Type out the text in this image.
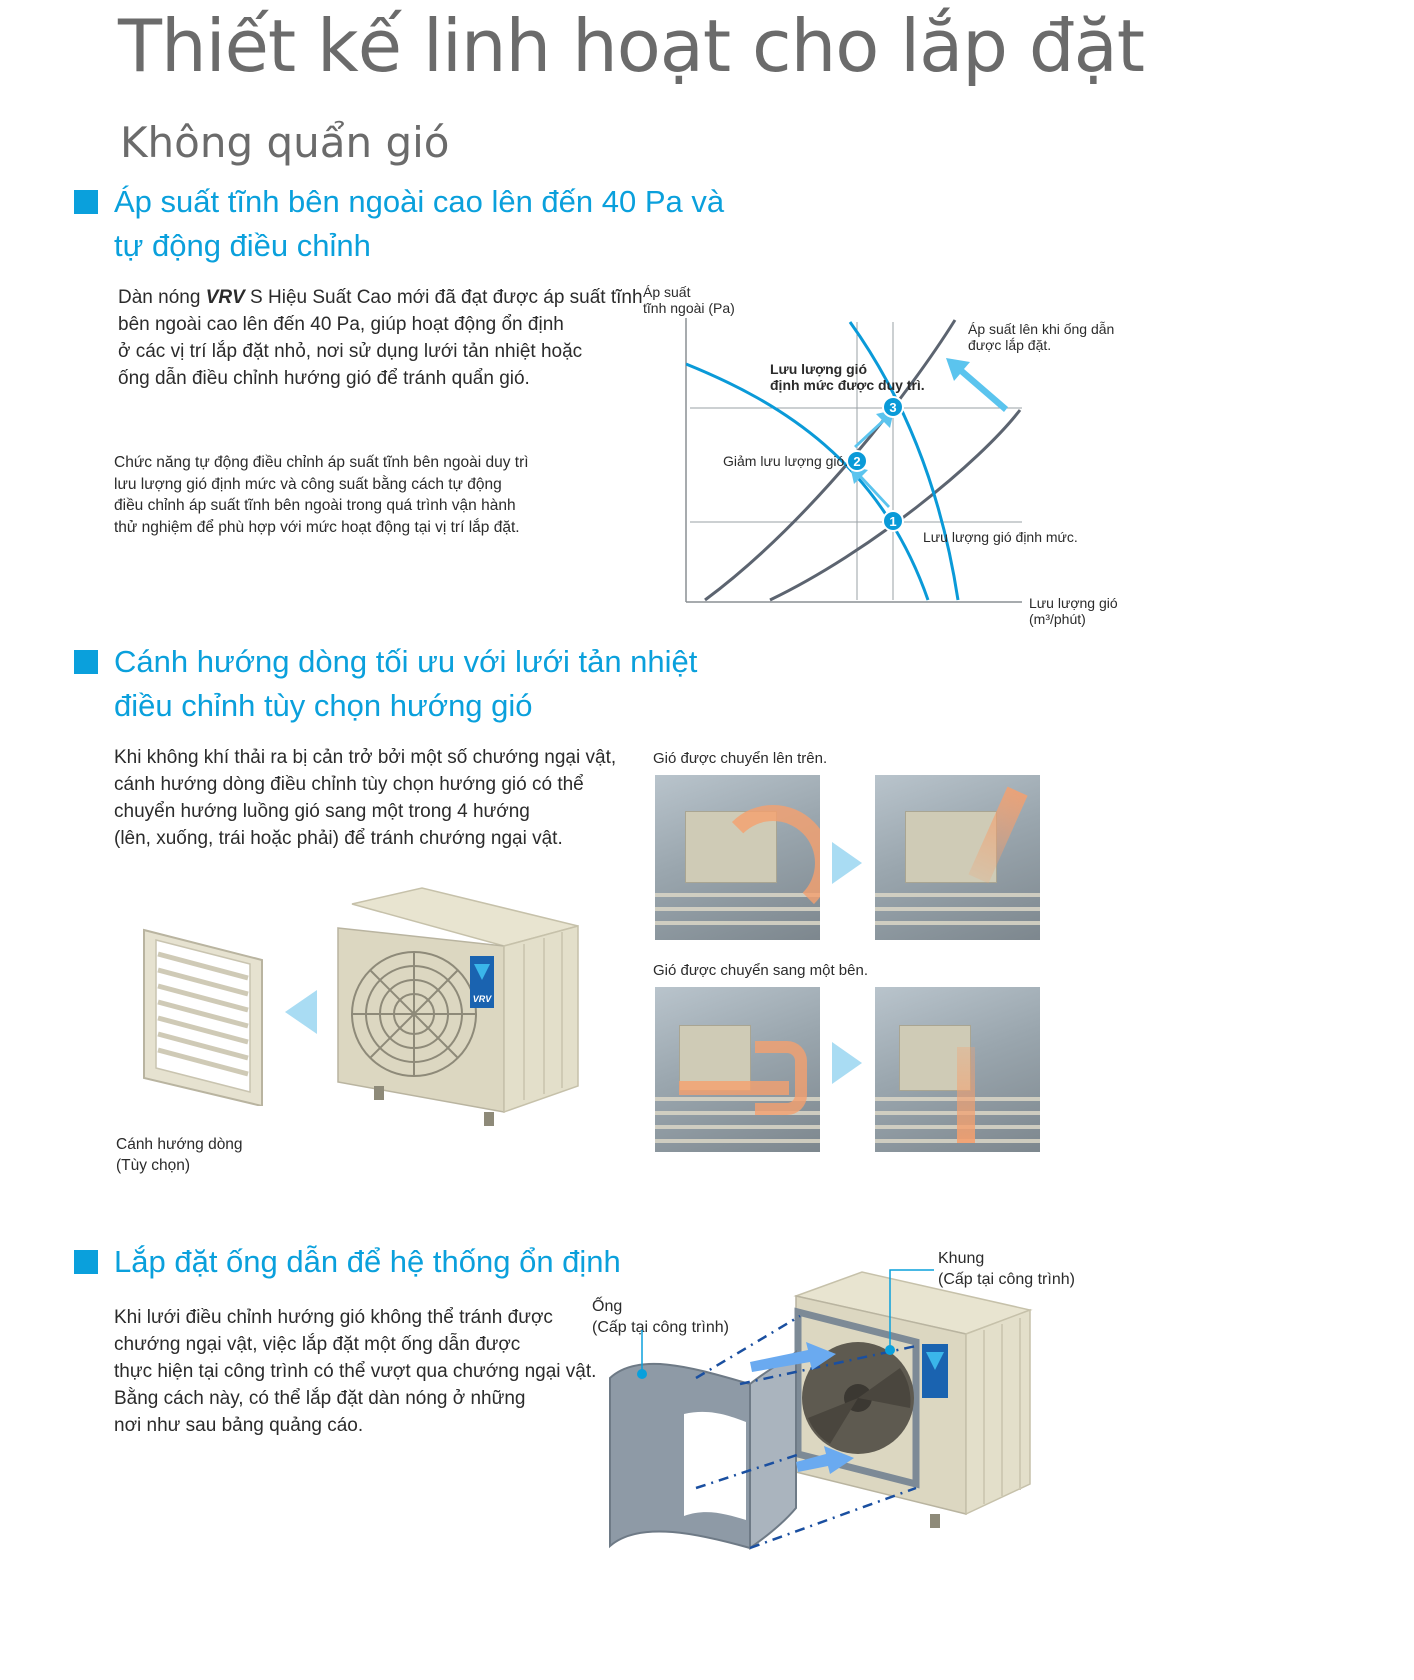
Thiết kế linh hoạt cho lắp đặt
Không quẩn gió
Áp suất tĩnh bên ngoài cao lên đến 40 Pa và
tự động điều chỉnh
Dàn nóng VRV S Hiệu Suất Cao mới đã đạt được áp suất tĩnh
bên ngoài cao lên đến 40 Pa, giúp hoạt động ổn định
ở các vị trí lắp đặt nhỏ, nơi sử dụng lưới tản nhiệt hoặc
ống dẫn điều chỉnh hướng gió để tránh quẩn gió.
Chức năng tự động điều chỉnh áp suất tĩnh bên ngoài duy trì
lưu lượng gió định mức và công suất bằng cách tự động
điều chỉnh áp suất tĩnh bên ngoài trong quá trình vận hành
thử nghiệm để phù hợp với mức hoạt động tại vị trí lắp đặt.	1
2
3
Áp suất
tĩnh ngoài (Pa)
Áp suất lên khi ống dẫn
được lắp đặt.
Lưu lượng gió
định mức được duy trì.
Giảm lưu lượng gió.
Lưu lượng gió định mức.
Lưu lượng gió
(m³/phút)
Cánh hướng dòng tối ưu với lưới tản nhiệt
điều chỉnh tùy chọn hướng gió
Khi không khí thải ra bị cản trở bởi một số chướng ngại vật,
cánh hướng dòng điều chỉnh tùy chọn hướng gió có thể
chuyển hướng luồng gió sang một trong 4 hướng
(lên, xuống, trái hoặc phải) để tránh chướng ngại vật.
VRV
Cánh hướng dòng
(Tùy chọn)
Gió được chuyển lên trên.
Gió được chuyển sang một bên.
Lắp đặt ống dẫn để hệ thống ổn định
Khi lưới điều chỉnh hướng gió không thể tránh được
chướng ngại vật, việc lắp đặt một ống dẫn được
thực hiện tại công trình có thể vượt qua chướng ngại vật.
Bằng cách này, có thể lắp đặt dàn nóng ở những
nơi như sau bảng quảng cáo.
Ống
(Cấp tại công trình)
Khung
(Cấp tại công trình)
